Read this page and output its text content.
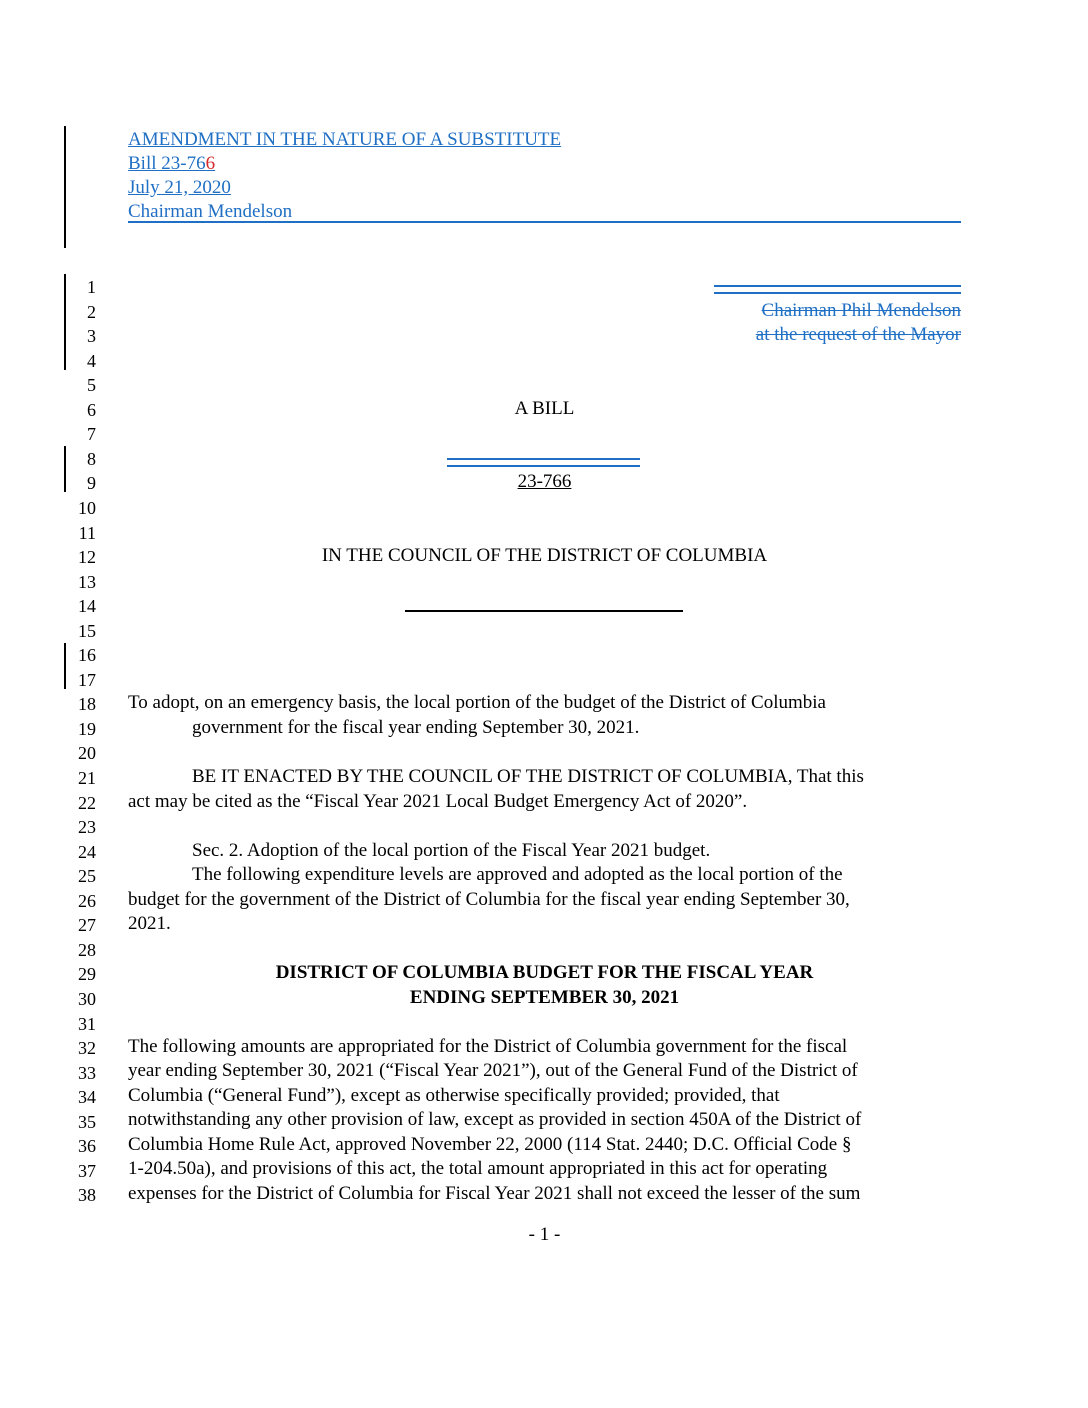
AMENDMENT IN THE NATURE OF A SUBSTITUTE
Bill 23-766
July 21, 2020
Chairman Mendelson
1
2
3
4
5
6
7
8
9
10
11
12
13
14
15
16
17
18
19
20
21
22
23
24
25
26
27
28
29
30
31
32
33
34
35
36
37
38
Chairman Phil Mendelson
at the request of the Mayor
A BILL
23-766
IN THE COUNCIL OF THE DISTRICT OF COLUMBIA
To adopt, on an emergency basis, the local portion of the budget of the District of Columbia
government for the fiscal year ending September 30, 2021.
BE IT ENACTED BY THE COUNCIL OF THE DISTRICT OF COLUMBIA, That this
act may be cited as the “Fiscal Year 2021 Local Budget Emergency Act of 2020”.
Sec. 2. Adoption of the local portion of the Fiscal Year 2021 budget.
The following expenditure levels are approved and adopted as the local portion of the
budget for the government of the District of Columbia for the fiscal year ending September 30,
2021.
DISTRICT OF COLUMBIA BUDGET FOR THE FISCAL YEAR
ENDING SEPTEMBER 30, 2021
The following amounts are appropriated for the District of Columbia government for the fiscal
year ending September 30, 2021 (“Fiscal Year 2021”), out of the General Fund of the District of
Columbia (“General Fund”), except as otherwise specifically provided; provided, that
notwithstanding any other provision of law, except as provided in section 450A of the District of
Columbia Home Rule Act, approved November 22, 2000 (114 Stat. 2440; D.C. Official Code §
1-204.50a), and provisions of this act, the total amount appropriated in this act for operating
expenses for the District of Columbia for Fiscal Year 2021 shall not exceed the lesser of the sum
- 1 -
